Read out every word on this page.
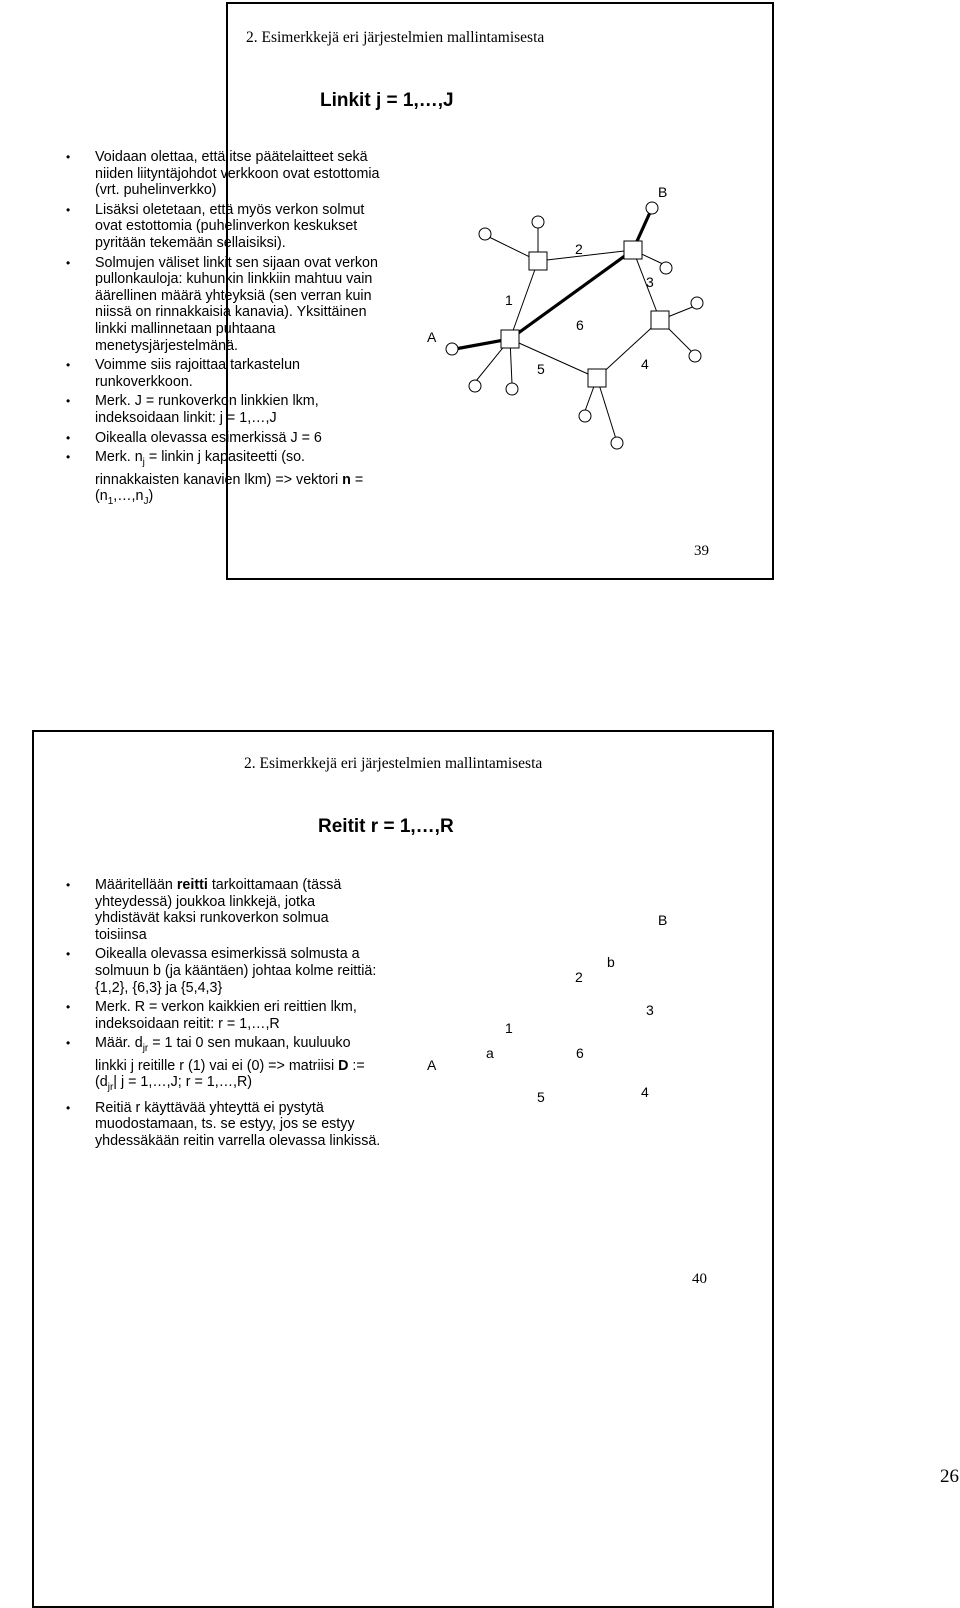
2. Esimerkkejä eri järjestelmien mallintamisesta
Linkit j = 1,…,J
• Voidaan olettaa, että itse päätelaitteet sekä niiden liityntäjohdot verkkoon ovat estottomia (vrt. puhelinverkko)
• Lisäksi oletetaan, että myös verkon solmut ovat estottomia (puhelinverkon keskukset pyritään tekemään sellaisiksi).
• Solmujen väliset linkit sen sijaan ovat verkon pullonkauloja: kuhunkin linkkiin mahtuu vain äärellinen määrä yhteyksiä (sen verran kuin niissä on rinnakkaisia kanavia). Yksittäinen linkki mallinnetaan puhtaana menetysjärjestelmänä.
• Voimme siis rajoittaa tarkastelun runkoverkkoon.
• Merk. J = runkoverkon linkkien lkm, indeksoidaan linkit: j = 1,…,J
• Oikealla olevassa esimerkissä J = 6
• Merk. $n_j$ = linkin j kapasiteetti (so. rinnakkaisten kanavien lkm) => vektori $n = (n_1,\dots,n_J)$
39
A
B
1
2
3
4
5
6
2. Esimerkkejä eri järjestelmien mallintamisesta
Reitit r = 1,…,R
• Määritellään reitti tarkoittamaan (tässä yhteydessä) joukkoa linkkejä, jotka yhdistävät kaksi runkoverkon solmua toisiinsa
• Oikealla olevassa esimerkissä solmusta a solmuun b (ja kääntäen) johtaa kolme reittiä: {1,2}, {6,3} ja {5,4,3}
• Merk. R = verkon kaikkien eri reittien lkm, indeksoidaan reitit: r = 1,…,R
• Määr. $d_{jr} = 1$ tai 0 sen mukaan, kuuluuko linkki j reitille r (1) vai ei (0) => matriisi D := ($d_{jr}|$ j = 1,…,J; r = 1,…,R)
• Reitiä r käyttävää yhteyttä ei pystytä muodostamaan, ts. se estyy, jos se estyy yhdessäkään reitin varrella olevassa linkissä.
40
A
B
a
b
1
2
3
4
5
6
26
